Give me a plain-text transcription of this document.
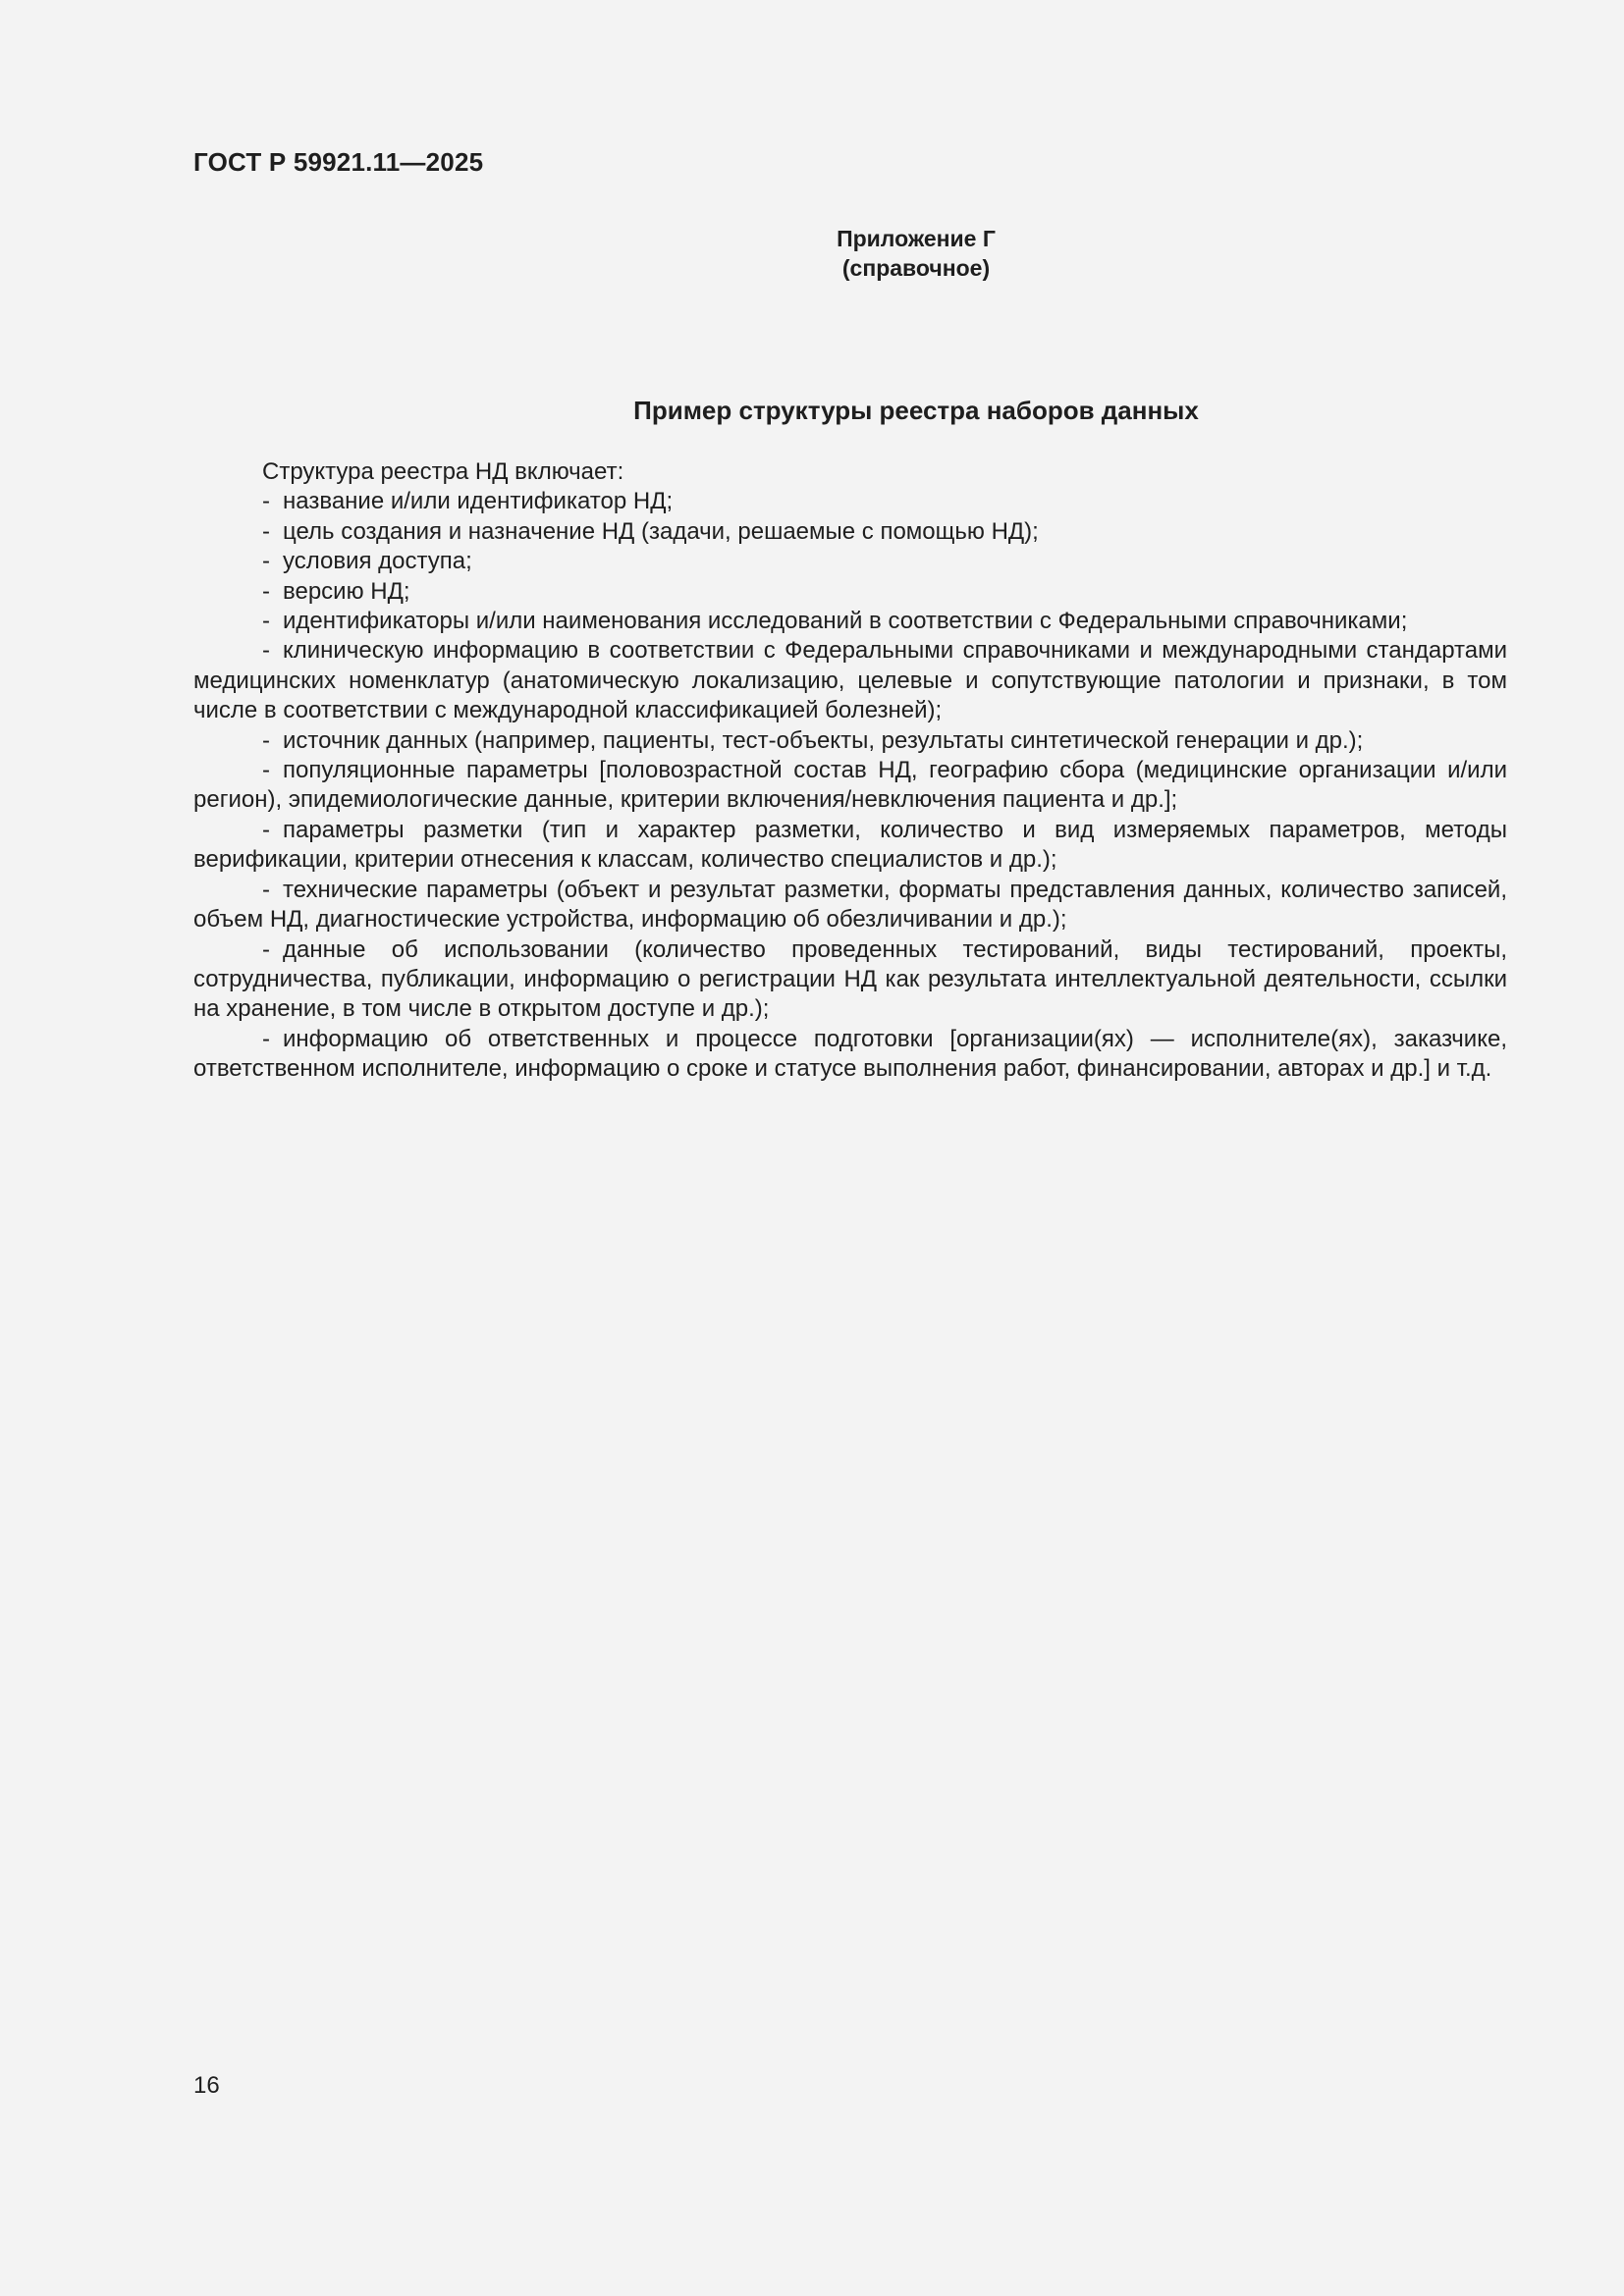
ГОСТ Р 59921.11—2025
Приложение Г
(справочное)
Пример структуры реестра наборов данных

Структура реестра НД включает:

- название и/или идентификатор НД;

- цель создания и назначение НД (задачи, решаемые с помощью НД);

- условия доступа;

- версию НД;

- идентификаторы и/или наименования исследований в соответствии с Федеральными справочниками;

- клиническую информацию в соответствии с Федеральными справочниками и международными стандартами медицинских номенклатур (анатомическую локализацию, целевые и сопутствующие патологии и признаки, в том числе в соответствии с международной классификацией болезней);

- источник данных (например, пациенты, тест-объекты, результаты синтетической генерации и др.);

- популяционные параметры [половозрастной состав НД, географию сбора (медицинские организации и/или регион), эпидемиологические данные, критерии включения/невключения пациента и др.];

- параметры разметки (тип и характер разметки, количество и вид измеряемых параметров, методы верификации, критерии отнесения к классам, количество специалистов и др.);

- технические параметры (объект и результат разметки, форматы представления данных, количество записей, объем НД, диагностические устройства, информацию об обезличивании и др.);

- данные об использовании (количество проведенных тестирований, виды тестирований, проекты, сотрудничества, публикации, информацию о регистрации НД как результата интеллектуальной деятельности, ссылки на хранение, в том числе в открытом доступе и др.);

- информацию об ответственных и процессе подготовки [организации(ях) — исполнителе(ях), заказчике, ответственном исполнителе, информацию о сроке и статусе выполнения работ, финансировании, авторах и др.] и т.д.

16
